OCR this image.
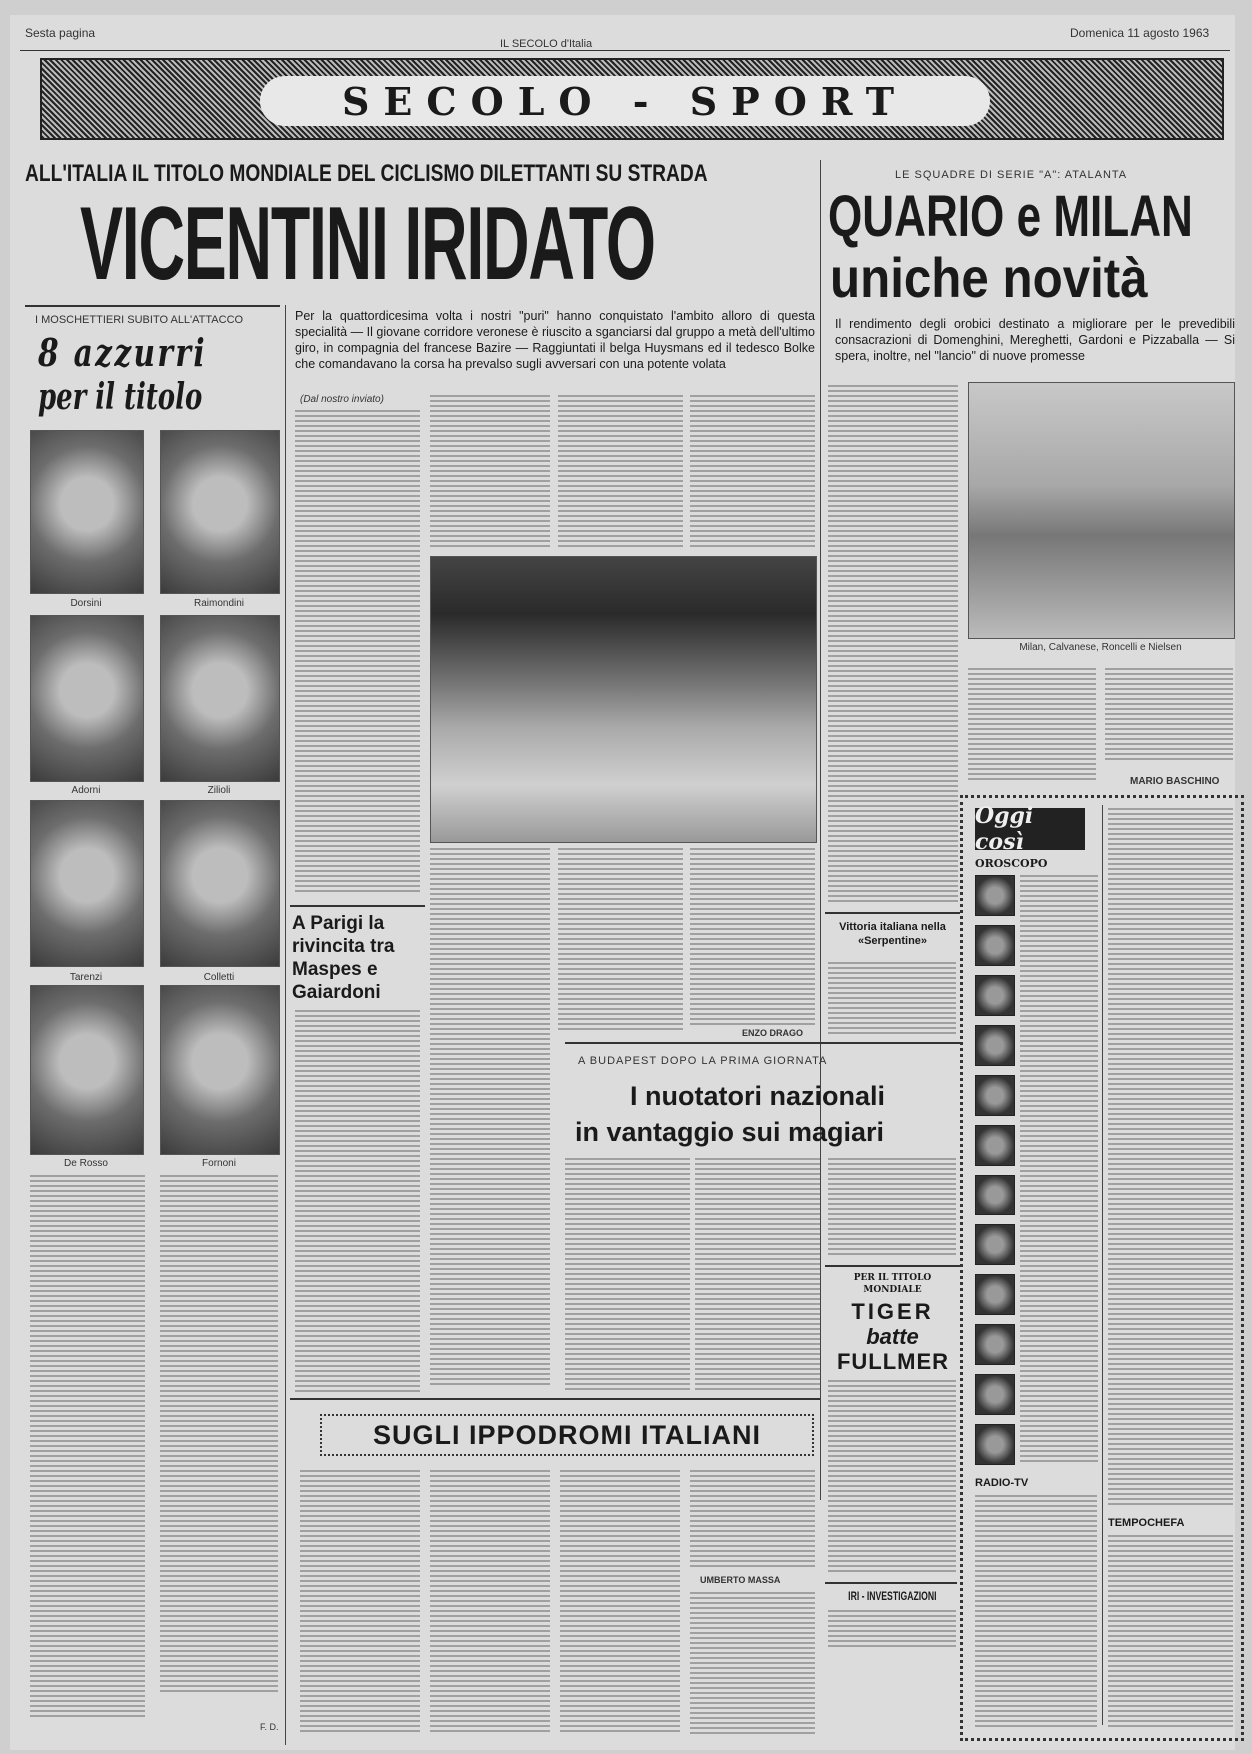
Sesta pagina
IL SECOLO d'Italia
Domenica 11 agosto 1963
SECOLO - SPORT
ALL'ITALIA IL TITOLO MONDIALE DEL CICLISMO DILETTANTI SU STRADA
VICENTINI IRIDATO
LE SQUADRE DI SERIE "A": ATALANTA
QUARIO e MILAN
uniche novità
Il rendimento degli orobici destinato a migliorare per le prevedibili consacrazioni di Domenghini, Mereghetti, Gardoni e Pizzaballa — Si spera, inoltre, nel "lancio" di nuove promesse
Milan, Calvanese, Roncelli e Nielsen
MARIO BASCHINO
I MOSCHETTIERI SUBITO ALL'ATTACCO
8 azzurri
per il titolo
Dorsini	Raimondini
Adorni	Zilioli
Tarenzi	Colletti
De Rosso	Fornoni
F. D.
Per la quattordicesima volta i nostri "puri" hanno conquistato l'ambito alloro di questa specialità — Il giovane corridore veronese è riuscito a sganciarsi dal gruppo a metà dell'ultimo giro, in compagnia del francese Bazire — Raggiuntati il belga Huysmans ed il tedesco Bolke che comandavano la corsa ha prevalso sugli avversari con una potente volata
(Dal nostro inviato)
ENZO DRAGO
A Parigi la rivincita tra Maspes e Gaiardoni
A BUDAPEST DOPO LA PRIMA GIORNATA
I nuotatori nazionali
in vantaggio sui magiari
Vittoria italiana nella «Serpentine»
PER IL TITOLO MONDIALE
TIGER
batte
FULLMER
IRI - INVESTIGAZIONI
SUGLI IPPODROMI ITALIANI
UMBERTO MASSA
Oggi così
OROSCOPO
RADIO-TV
TEMPOCHEFA
